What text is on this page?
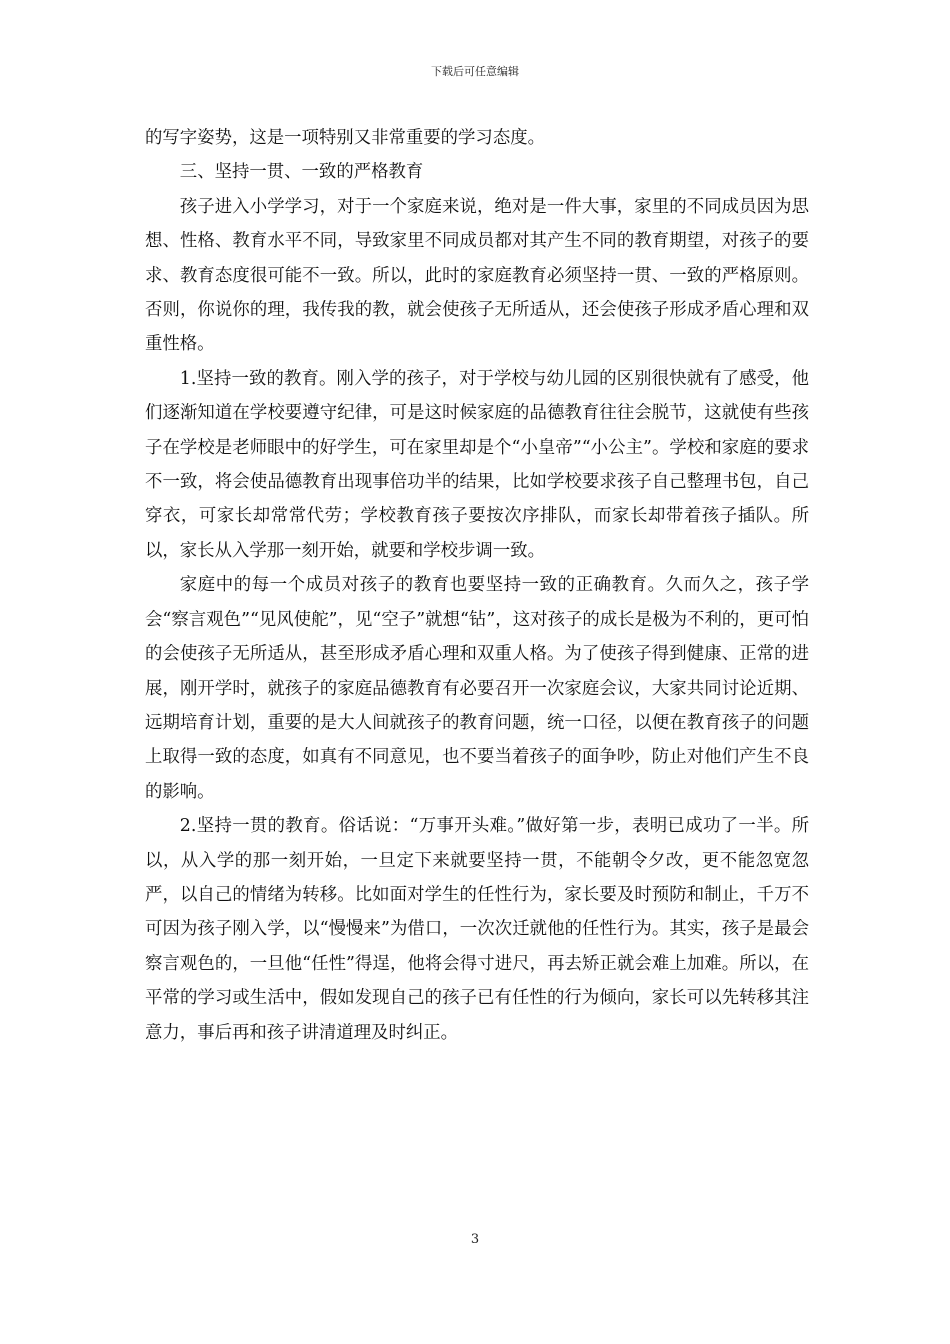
下载后可任意编辑

的写字姿势，这是一项特别又非常重要的学习态度。

三、坚持一贯、一致的严格教育

孩子进入小学学习，对于一个家庭来说，绝对是一件大事，家里的不同成员因为思想、性格、教育水平不同，导致家里不同成员都对其产生不同的教育期望，对孩子的要求、教育态度很可能不一致。所以，此时的家庭教育必须坚持一贯、一致的严格原则。否则，你说你的理，我传我的教，就会使孩子无所适从，还会使孩子形成矛盾心理和双重性格。

1.坚持一致的教育。刚入学的孩子，对于学校与幼儿园的区别很快就有了感受，他们逐渐知道在学校要遵守纪律，可是这时候家庭的品德教育往往会脱节，这就使有些孩子在学校是老师眼中的好学生，可在家里却是个“小皇帝”“小公主”。学校和家庭的要求不一致，将会使品德教育出现事倍功半的结果，比如学校要求孩子自己整理书包，自己穿衣，可家长却常常代劳；学校教育孩子要按次序排队，而家长却带着孩子插队。所以，家长从入学那一刻开始，就要和学校步调一致。

家庭中的每一个成员对孩子的教育也要坚持一致的正确教育。久而久之，孩子学会“察言观色”“见风使舵”，见“空子”就想“钻”，这对孩子的成长是极为不利的，更可怕的会使孩子无所适从，甚至形成矛盾心理和双重人格。为了使孩子得到健康、正常的进展，刚开学时，就孩子的家庭品德教育有必要召开一次家庭会议，大家共同讨论近期、远期培育计划，重要的是大人间就孩子的教育问题，统一口径，以便在教育孩子的问题上取得一致的态度，如真有不同意见，也不要当着孩子的面争吵，防止对他们产生不良的影响。

2.坚持一贯的教育。俗话说：“万事开头难。”做好第一步，表明已成功了一半。所以，从入学的那一刻开始，一旦定下来就要坚持一贯，不能朝令夕改，更不能忽宽忽严，以自己的情绪为转移。比如面对学生的任性行为，家长要及时预防和制止，千万不可因为孩子刚入学，以“慢慢来”为借口，一次次迁就他的任性行为。其实，孩子是最会察言观色的，一旦他“任性”得逞，他将会得寸进尺，再去矫正就会难上加难。所以，在平常的学习或生活中，假如发现自己的孩子已有任性的行为倾向，家长可以先转移其注意力，事后再和孩子讲清道理及时纠正。

3
